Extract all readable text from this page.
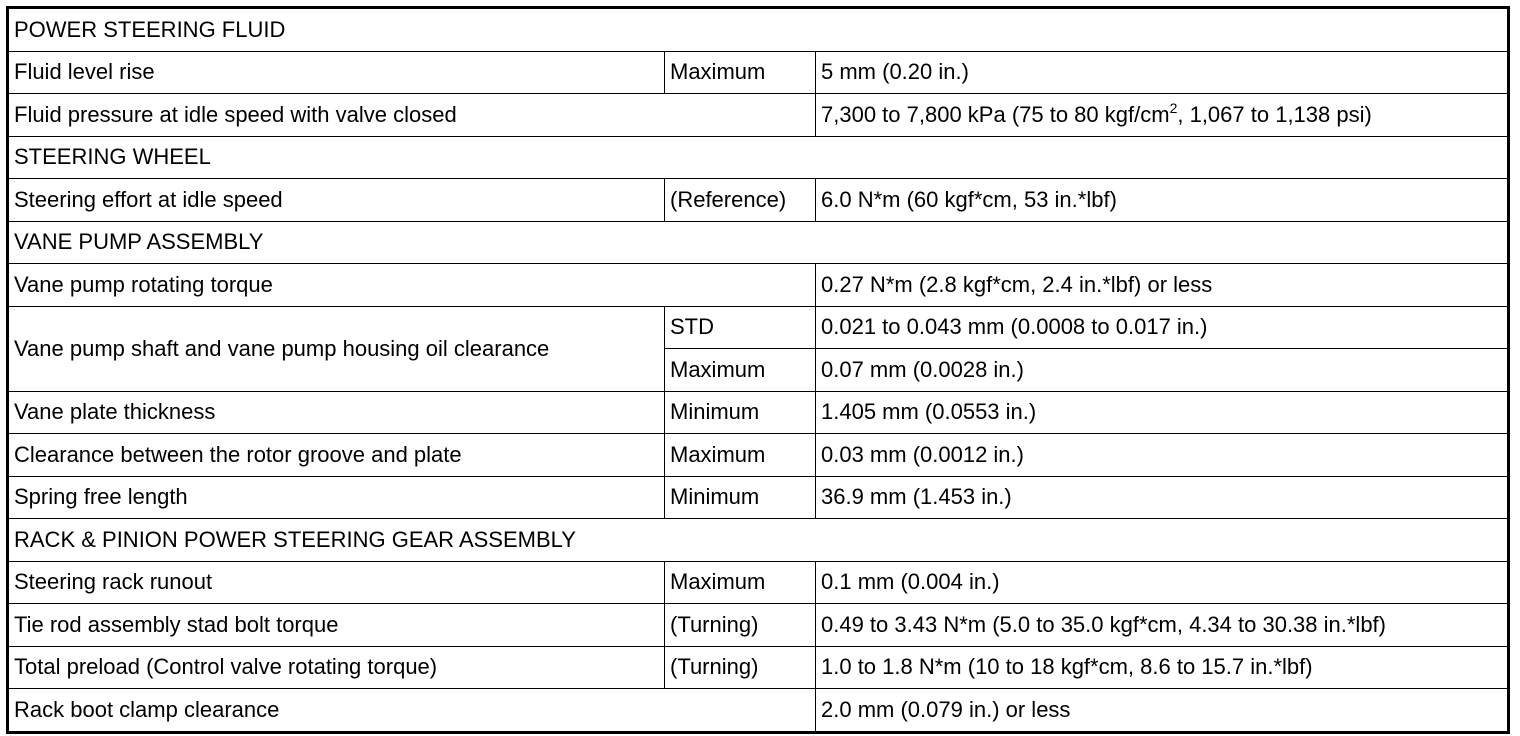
POWER STEERING FLUID		
Fluid level rise	Maximum	5 mm (0.20 in.)
Fluid pressure at idle speed with valve closed		7,300 to 7,800 kPa (75 to 80 kgf/$cm^2$, 1,067 to 1,138 psi)
STEERING WHEEL		
Steering effort at idle speed	(Reference)	6.0 N*m (60 kgf*cm, 53 in.*lbf)
VANE PUMP ASSEMBLY		
Vane pump rotating torque		0.27 N*m (2.8 kgf*cm, 2.4 in.*lbf) or less
Vane pump shaft and vane pump housing oil clearance	STD	0.021 to 0.043 mm (0.0008 to 0.017 in.)
	Maximum	0.07 mm (0.0028 in.)
Vane plate thickness	Minimum	1.405 mm (0.0553 in.)
Clearance between the rotor groove and plate	Maximum	0.03 mm (0.0012 in.)
Spring free length	Minimum	36.9 mm (1.453 in.)
RACK & PINION POWER STEERING GEAR ASSEMBLY		
Steering rack runout	Maximum	0.1 mm (0.004 in.)
Tie rod assembly stad bolt torque	(Turning)	0.49 to 3.43 N*m (5.0 to 35.0 kgf*cm, 4.34 to 30.38 in.*lbf)
Total preload (Control valve rotating torque)	(Turning)	1.0 to 1.8 N*m (10 to 18 kgf*cm, 8.6 to 15.7 in.*lbf)
Rack boot clamp clearance		2.0 mm (0.079 in.) or less
